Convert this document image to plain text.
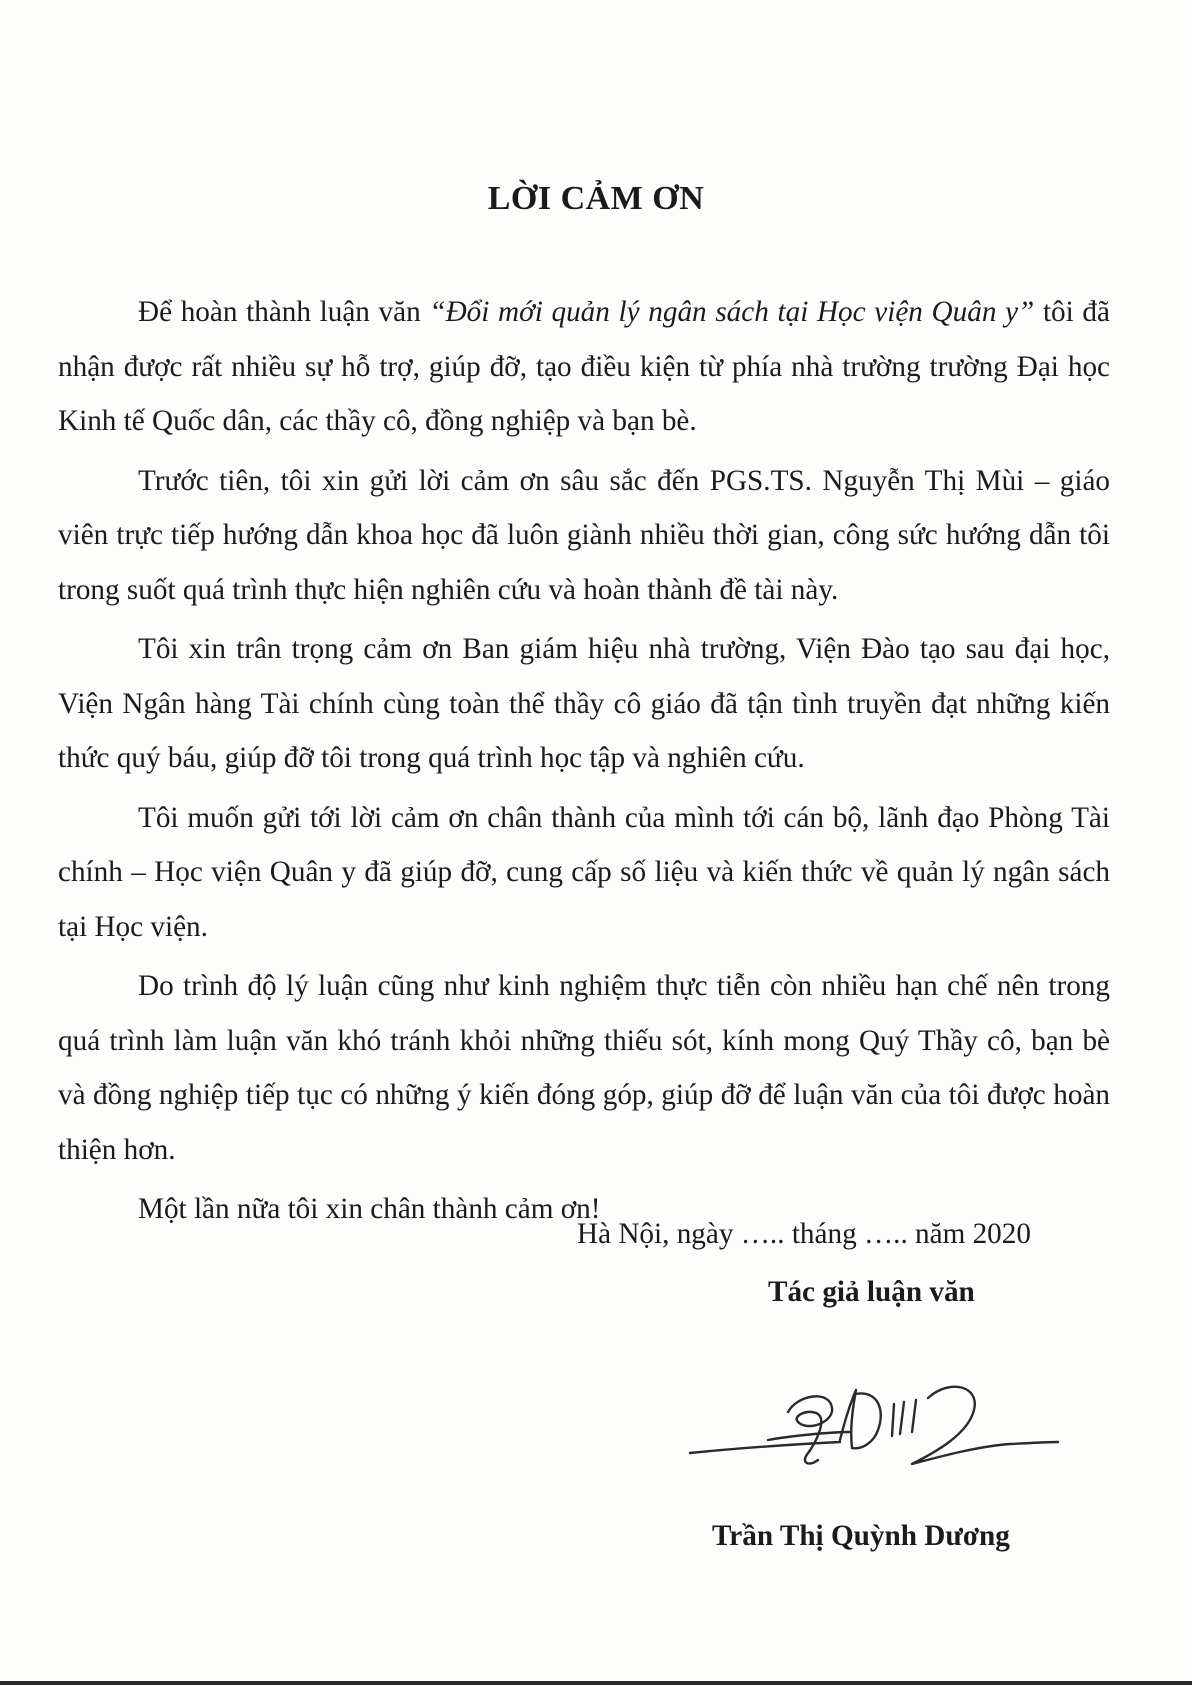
LỜI CẢM ƠN

Để hoàn thành luận văn “Đổi mới quản lý ngân sách tại Học viện Quân y” tôi đã nhận được rất nhiều sự hỗ trợ, giúp đỡ, tạo điều kiện từ phía nhà trường trường Đại học Kinh tế Quốc dân, các thầy cô, đồng nghiệp và bạn bè.

Trước tiên, tôi xin gửi lời cảm ơn sâu sắc đến PGS.TS. Nguyễn Thị Mùi – giáo viên trực tiếp hướng dẫn khoa học đã luôn giành nhiều thời gian, công sức hướng dẫn tôi trong suốt quá trình thực hiện nghiên cứu và hoàn thành đề tài này.

Tôi xin trân trọng cảm ơn Ban giám hiệu nhà trường, Viện Đào tạo sau đại học, Viện Ngân hàng Tài chính cùng toàn thể thầy cô giáo đã tận tình truyền đạt những kiến thức quý báu, giúp đỡ tôi trong quá trình học tập và nghiên cứu.

Tôi muốn gửi tới lời cảm ơn chân thành của mình tới cán bộ, lãnh đạo Phòng Tài chính – Học viện Quân y đã giúp đỡ, cung cấp số liệu và kiến thức về quản lý ngân sách tại Học viện.

Do trình độ lý luận cũng như kinh nghiệm thực tiễn còn nhiều hạn chế nên trong quá trình làm luận văn khó tránh khỏi những thiếu sót, kính mong Quý Thầy cô, bạn bè và đồng nghiệp tiếp tục có những ý kiến đóng góp, giúp đỡ để luận văn của tôi được hoàn thiện hơn.

Một lần nữa tôi xin chân thành cảm ơn!

Hà Nội, ngày ….. tháng ….. năm 2020
Tác giả luận văn
Trần Thị Quỳnh Dương
